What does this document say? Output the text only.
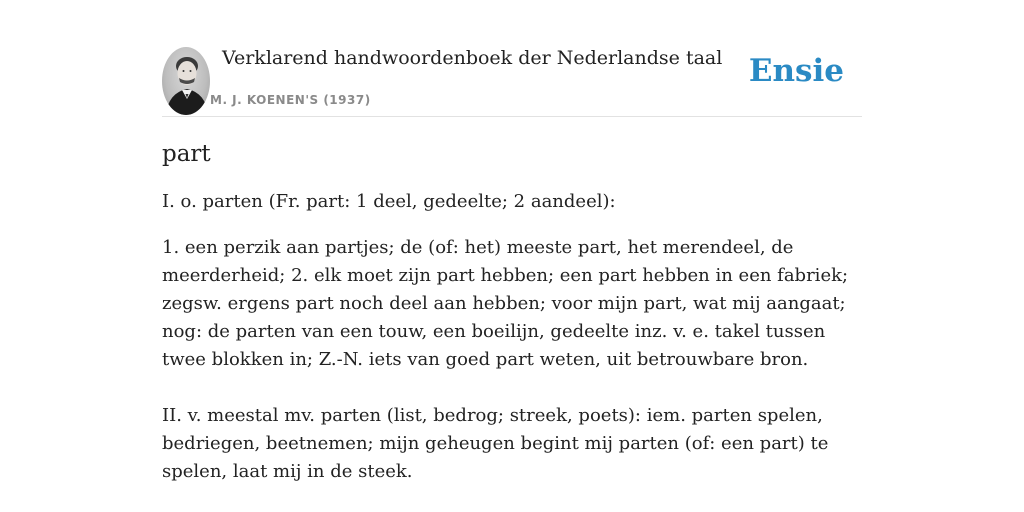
Verklarend handwoordenboek der Nederlandse taal
M. J. KOENEN'S (1937)
Ensie
part

I. o. parten (Fr. part: 1 deel, gedeelte; 2 aandeel):

1. een perzik aan partjes; de (of: het) meeste part, het merendeel, de meerderheid; 2. elk moet zijn part hebben; een part hebben in een fabriek; zegsw. ergens part noch deel aan hebben; voor mijn part, wat mij aangaat; nog: de parten van een touw, een boeilijn, gedeelte inz. v. e. takel tussen twee blokken in; Z.-N. iets van goed part weten, uit betrouwbare bron.

II. v. meestal mv. parten (list, bedrog; streek, poets): iem. parten spelen, bedriegen, beetnemen; mijn geheugen begint mij parten (of: een part) te spelen, laat mij in de steek.
